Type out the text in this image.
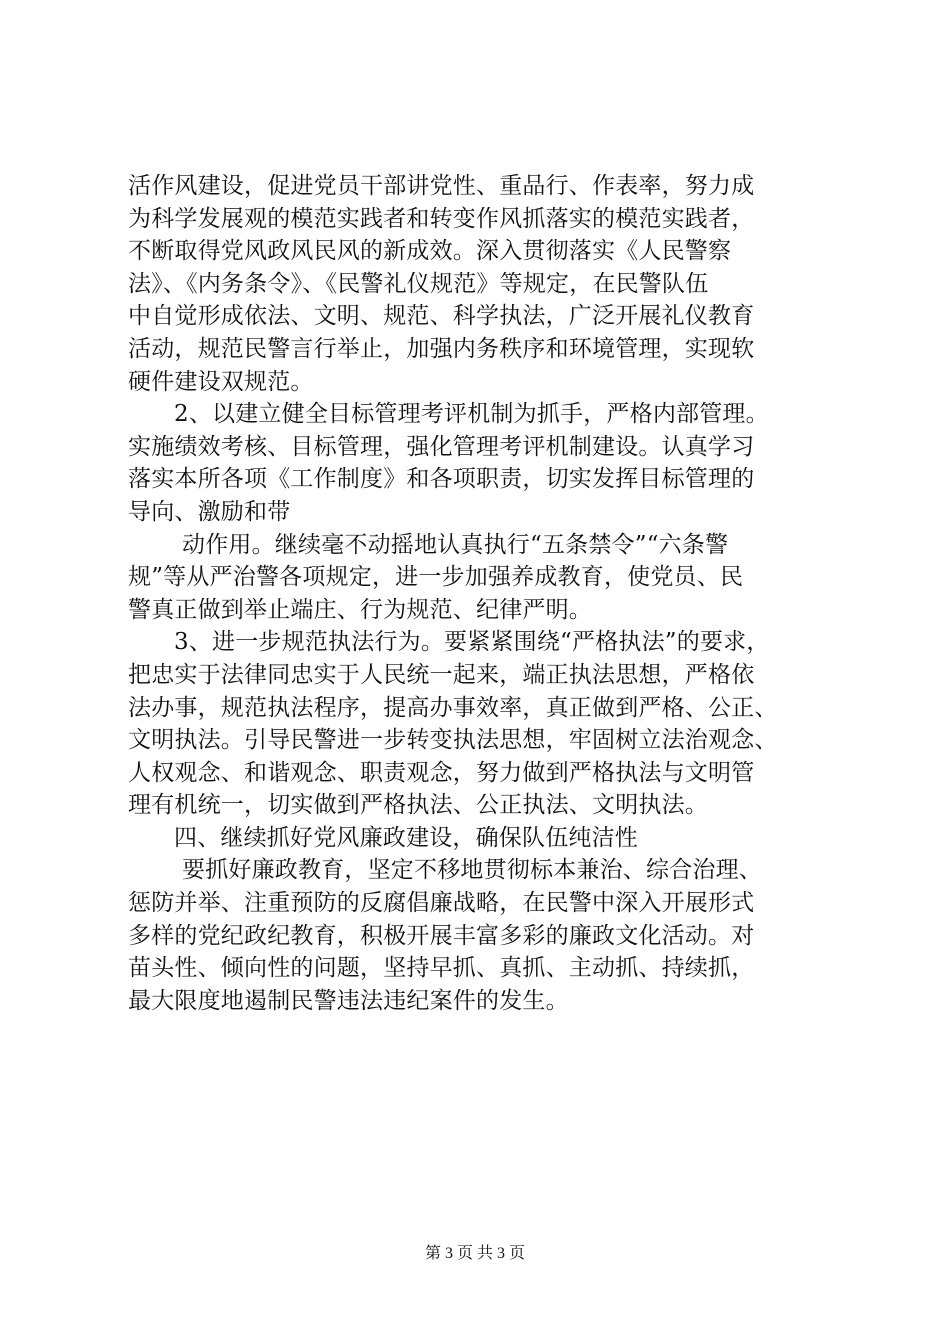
活作风建设，促进党员干部讲党性、重品行、作表率，努力成
为科学发展观的模范实践者和转变作风抓落实的模范实践者，
不断取得党风政风民风的新成效。深入贯彻落实《人民警察
法》、《内务条令》、《民警礼仪规范》等规定，在民警队伍
中自觉形成依法、文明、规范、科学执法，广泛开展礼仪教育
活动，规范民警言行举止，加强内务秩序和环境管理，实现软
硬件建设双规范。
2、以建立健全目标管理考评机制为抓手，严格内部管理。
实施绩效考核、目标管理，强化管理考评机制建设。认真学习
落实本所各项《工作制度》和各项职责，切实发挥目标管理的
导向、激励和带
动作用。继续毫不动摇地认真执行“五条禁令”“六条警
规”等从严治警各项规定，进一步加强养成教育，使党员、民
警真正做到举止端庄、行为规范、纪律严明。
3、进一步规范执法行为。要紧紧围绕“严格执法”的要求，
把忠实于法律同忠实于人民统一起来，端正执法思想，严格依
法办事，规范执法程序，提高办事效率，真正做到严格、公正、
文明执法。引导民警进一步转变执法思想，牢固树立法治观念、
人权观念、和谐观念、职责观念，努力做到严格执法与文明管
理有机统一，切实做到严格执法、公正执法、文明执法。
四、继续抓好党风廉政建设，确保队伍纯洁性
要抓好廉政教育，坚定不移地贯彻标本兼治、综合治理、
惩防并举、注重预防的反腐倡廉战略，在民警中深入开展形式
多样的党纪政纪教育，积极开展丰富多彩的廉政文化活动。对
苗头性、倾向性的问题，坚持早抓、真抓、主动抓、持续抓，
最大限度地遏制民警违法违纪案件的发生。
第 3 页 共 3 页
